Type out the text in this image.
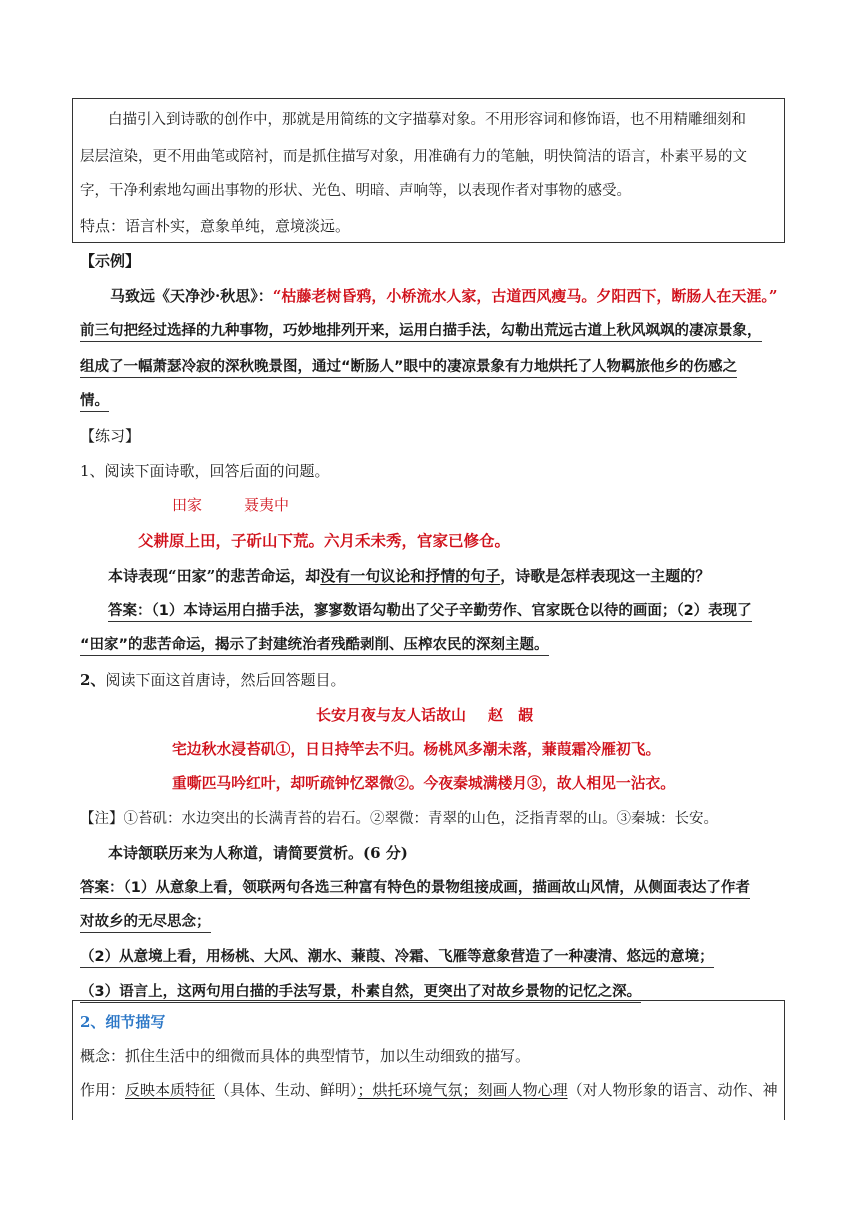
白描引入到诗歌的创作中，那就是用简练的文字描摹对象。不用形容词和修饰语，也不用精雕细刻和
层层渲染，更不用曲笔或陪衬，而是抓住描写对象，用准确有力的笔触，明快简洁的语言，朴素平易的文
字，干净利索地勾画出事物的形状、光色、明暗、声响等，以表现作者对事物的感受。
特点：语言朴实，意象单纯，意境淡远。
【示例】
马致远《天净沙·秋思》：“枯藤老树昏鸦，小桥流水人家，古道西风瘦马。夕阳西下，断肠人在天涯。”
前三句把经过选择的九种事物，巧妙地排列开来，运用白描手法，勾勒出荒远古道上秋风飒飒的凄凉景象，
组成了一幅萧瑟冷寂的深秋晚景图，通过“断肠人”眼中的凄凉景象有力地烘托了人物羁旅他乡的伤感之
情。
【练习】
1、阅读下面诗歌，回答后面的问题。
田家	聂夷中
父耕原上田，子斫山下荒。六月禾未秀，官家已修仓。
本诗表现“田家”的悲苦命运，却没有一句议论和抒情的句子，诗歌是怎样表现这一主题的？
答案：（1）本诗运用白描手法，寥寥数语勾勒出了父子辛勤劳作、官家既仓以待的画面；（2）表现了
“田家”的悲苦命运，揭示了封建统治者残酷剥削、压榨农民的深刻主题。
2、阅读下面这首唐诗，然后回答题目。
长安月夜与友人话故山 赵　嘏
宅边秋水浸苔矶①，日日持竿去不归。杨桃风多潮未落，蒹葭霜冷雁初飞。
重嘶匹马吟红叶，却听疏钟忆翠微②。今夜秦城满楼月③，故人相见一沾衣。
【注】①苔矶：水边突出的长满青苔的岩石。②翠微：青翠的山色，泛指青翠的山。③秦城：长安。
本诗颔联历来为人称道，请简要赏析。(6 分)
答案：（1）从意象上看，领联两句各选三种富有特色的景物组接成画，描画故山风情，从侧面表达了作者
对故乡的无尽思念；
（2）从意境上看，用杨桃、大风、潮水、蒹葭、冷霜、飞雁等意象营造了一种凄清、悠远的意境；
（3）语言上，这两句用白描的手法写景，朴素自然，更突出了对故乡景物的记忆之深。
2、细节描写
概念：抓住生活中的细微而具体的典型情节，加以生动细致的描写。
作用：反映本质特征（具体、生动、鲜明）；烘托环境气氛；刻画人物心理（对人物形象的语言、动作、神
